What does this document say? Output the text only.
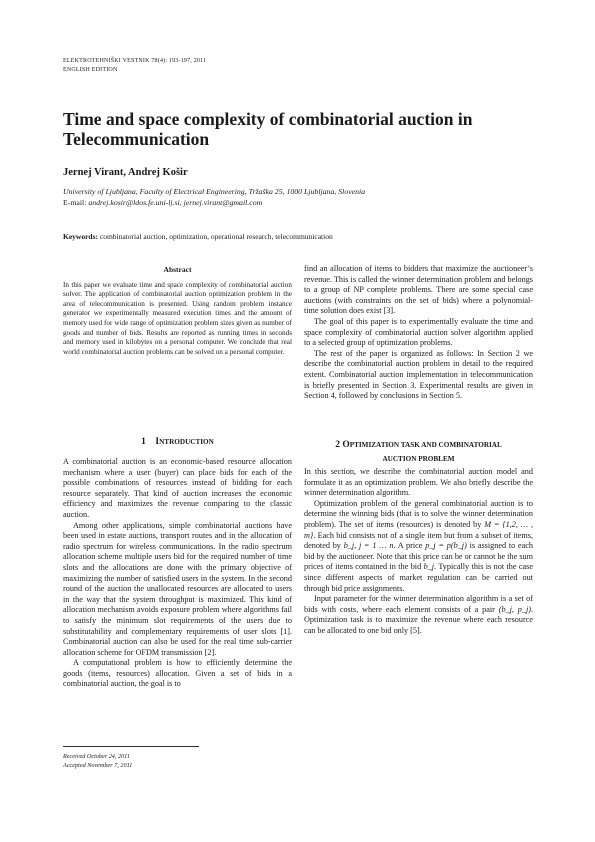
ELEKTROTEHNIŠKI VESTNIK 78(4): 193-197, 2011
ENGLISH EDITION
Time and space complexity of combinatorial auction in Telecommunication
Jernej Virant, Andrej Košir
University of Ljubljana, Faculty of Electrical Engineering, Tržaška 25, 1000 Ljubljana, Slovenia
E-mail: andrej.kosir@ldos.fe.uni-lj.si, jernej.virant@gmail.com
Keywords: combinatorial auction, optimization, operational research, telecommunication
Abstract
In this paper we evaluate time and space complexity of combinatorial auction solver. The application of combinatorial auction optimization problem in the area of telecommunication is presented. Using random problem instance generator we experimentally measured execution times and the amount of memory used for wide range of optimization problem sizes given as number of goods and number of bids. Results are reported as running times in seconds and memory used in kilobytes on a personal computer. We conclude that real world combinatorial auction problems can be solved on a personal computer.
1 INTRODUCTION

A combinatorial auction is an economic-based resource allocation mechanism where a user (buyer) can place bids for each of the possible combinations of resources instead of bidding for each resource separately. That kind of auction increases the economic efficiency and maximizes the revenue comparing to the classic auction.

Among other applications, simple combinatorial auctions have been used in estate auctions, transport routes and in the allocation of radio spectrum for wireless communications. In the radio spectrum allocation scheme multiple users bid for the required number of time slots and the allocations are done with the primary objective of maximizing the number of satisfied users in the system. In the second round of the auction the unallocated resources are allocated to users in the way that the system throughput is maximized. This kind of allocation mechanism avoids exposure problem where algorithms fail to satisfy the minimum slot requirements of the users due to substitutability and complementary requirements of user slots [1]. Combinatorial auction can also be used for the real time sub-carrier allocation scheme for OFDM transmission [2].

A computational problem is how to efficiently determine the goods (items, resources) allocation. Given a set of bids in a combinatorial auction, the goal is to

find an allocation of items to bidders that maximize the auctioneer’s revenue. This is called the winner determination problem and belongs to a group of NP complete problems. There are some special case auctions (with constraints on the set of bids) where a polynomial-time solution does exist [3].

The goal of this paper is to experimentally evaluate the time and space complexity of combinatorial auction solver algorithm applied to a selected group of optimization problems.

The rest of the paper is organized as follows: In Section 2 we describe the combinatorial auction problem in detail to the required extent. Combinatorial auction implementation in telecommunication is briefly presented in Section 3. Experimental results are given in Section 4, followed by conclusions in Section 5.

2 OPTIMIZATION TASK AND COMBINATORIAL
AUCTION PROBLEM

In this section, we describe the combinatorial auction model and formulate it as an optimization problem. We also briefly describe the winner determination algorithm.

Optimization problem of the general combinatorial auction is to determine the winning bids (that is to solve the winner determination problem). The set of items (resources) is denoted by M = {1,2, … , m}. Each bid consists not of a single item but from a subset of items, denoted by b_j, j = 1 … n. A price p_j = p(b_j) is assigned to each bid by the auctioneer. Note that this price can be or cannot be the sum prices of items contained in the bid b_j. Typically this is not the case since different aspects of market regulation can be carried out through bid price assignments.

Input parameter for the winner determination algorithm is a set of bids with costs, where each element consists of a pair (b_j, p_j). Optimization task is to maximize the revenue where each resource can be allocated to one bid only [5].

Received October 24, 2011
Accepted November 7, 2011
